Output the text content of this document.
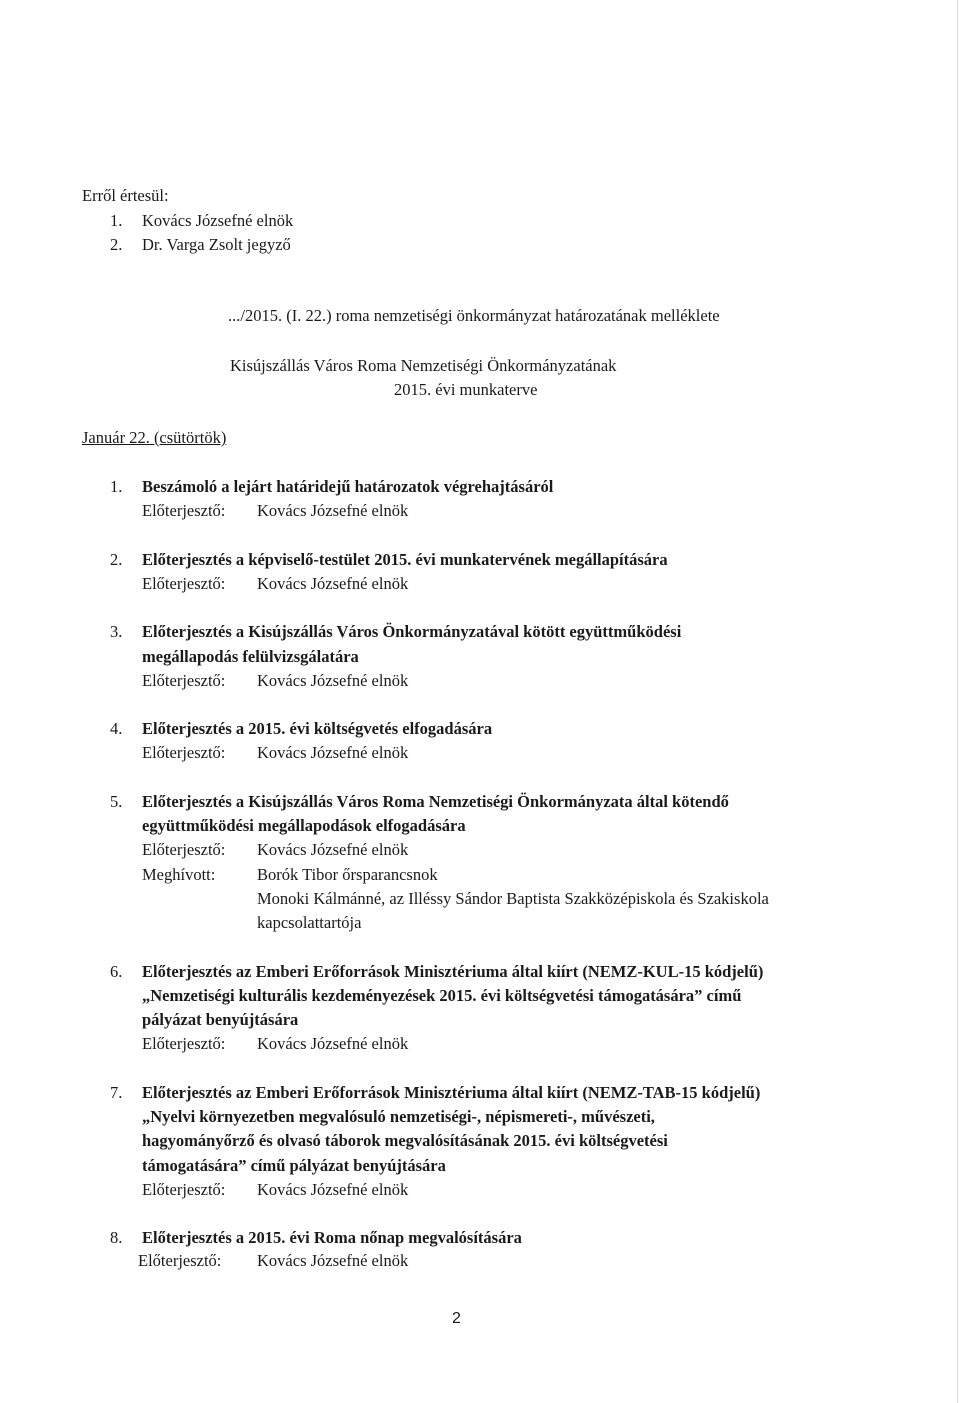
Erről értesül:
1. Kovács Józsefné elnök
2. Dr. Varga Zsolt jegyző
.../2015. (I. 22.) roma nemzetiségi önkormányzat határozatának melléklete
Kisújszállás Város Roma Nemzetiségi Önkormányzatának
2015. évi munkaterve
Január 22. (csütörtök)
1. Beszámoló a lejárt határidejű határozatok végrehajtásáról
Előterjesztő: Kovács Józsefné elnök
2. Előterjesztés a képviselő-testület 2015. évi munkatervének megállapítására
Előterjesztő: Kovács Józsefné elnök
3. Előterjesztés a Kisújszállás Város Önkormányzatával kötött együttműködési
megállapodás felülvizsgálatára
Előterjesztő: Kovács Józsefné elnök
4. Előterjesztés a 2015. évi költségvetés elfogadására
Előterjesztő: Kovács Józsefné elnök
5. Előterjesztés a Kisújszállás Város Roma Nemzetiségi Önkormányzata által kötendő
együttműködési megállapodások elfogadására
Előterjesztő: Kovács Józsefné elnök
Meghívott:	Borók Tibor őrsparancsnok
Monoki Kálmánné, az Illéssy Sándor Baptista Szakközépiskola és Szakiskola
kapcsolattartója
6. Előterjesztés az Emberi Erőforrások Minisztériuma által kiírt (NEMZ-KUL-15 kódjelű)
„Nemzetiségi kulturális kezdeményezések 2015. évi költségvetési támogatására” című
pályázat benyújtására
Előterjesztő: Kovács Józsefné elnök
7. Előterjesztés az Emberi Erőforrások Minisztériuma által kiírt (NEMZ-TAB-15 kódjelű)
„Nyelvi környezetben megvalósuló nemzetiségi-, népismereti-, művészeti,
hagyományőrző és olvasó táborok megvalósításának 2015. évi költségvetési
támogatására” című pályázat benyújtására
Előterjesztő: Kovács Józsefné elnök
8. Előterjesztés a 2015. évi Roma nőnap megvalósítására
Előterjesztő: Kovács Józsefné elnök
2
